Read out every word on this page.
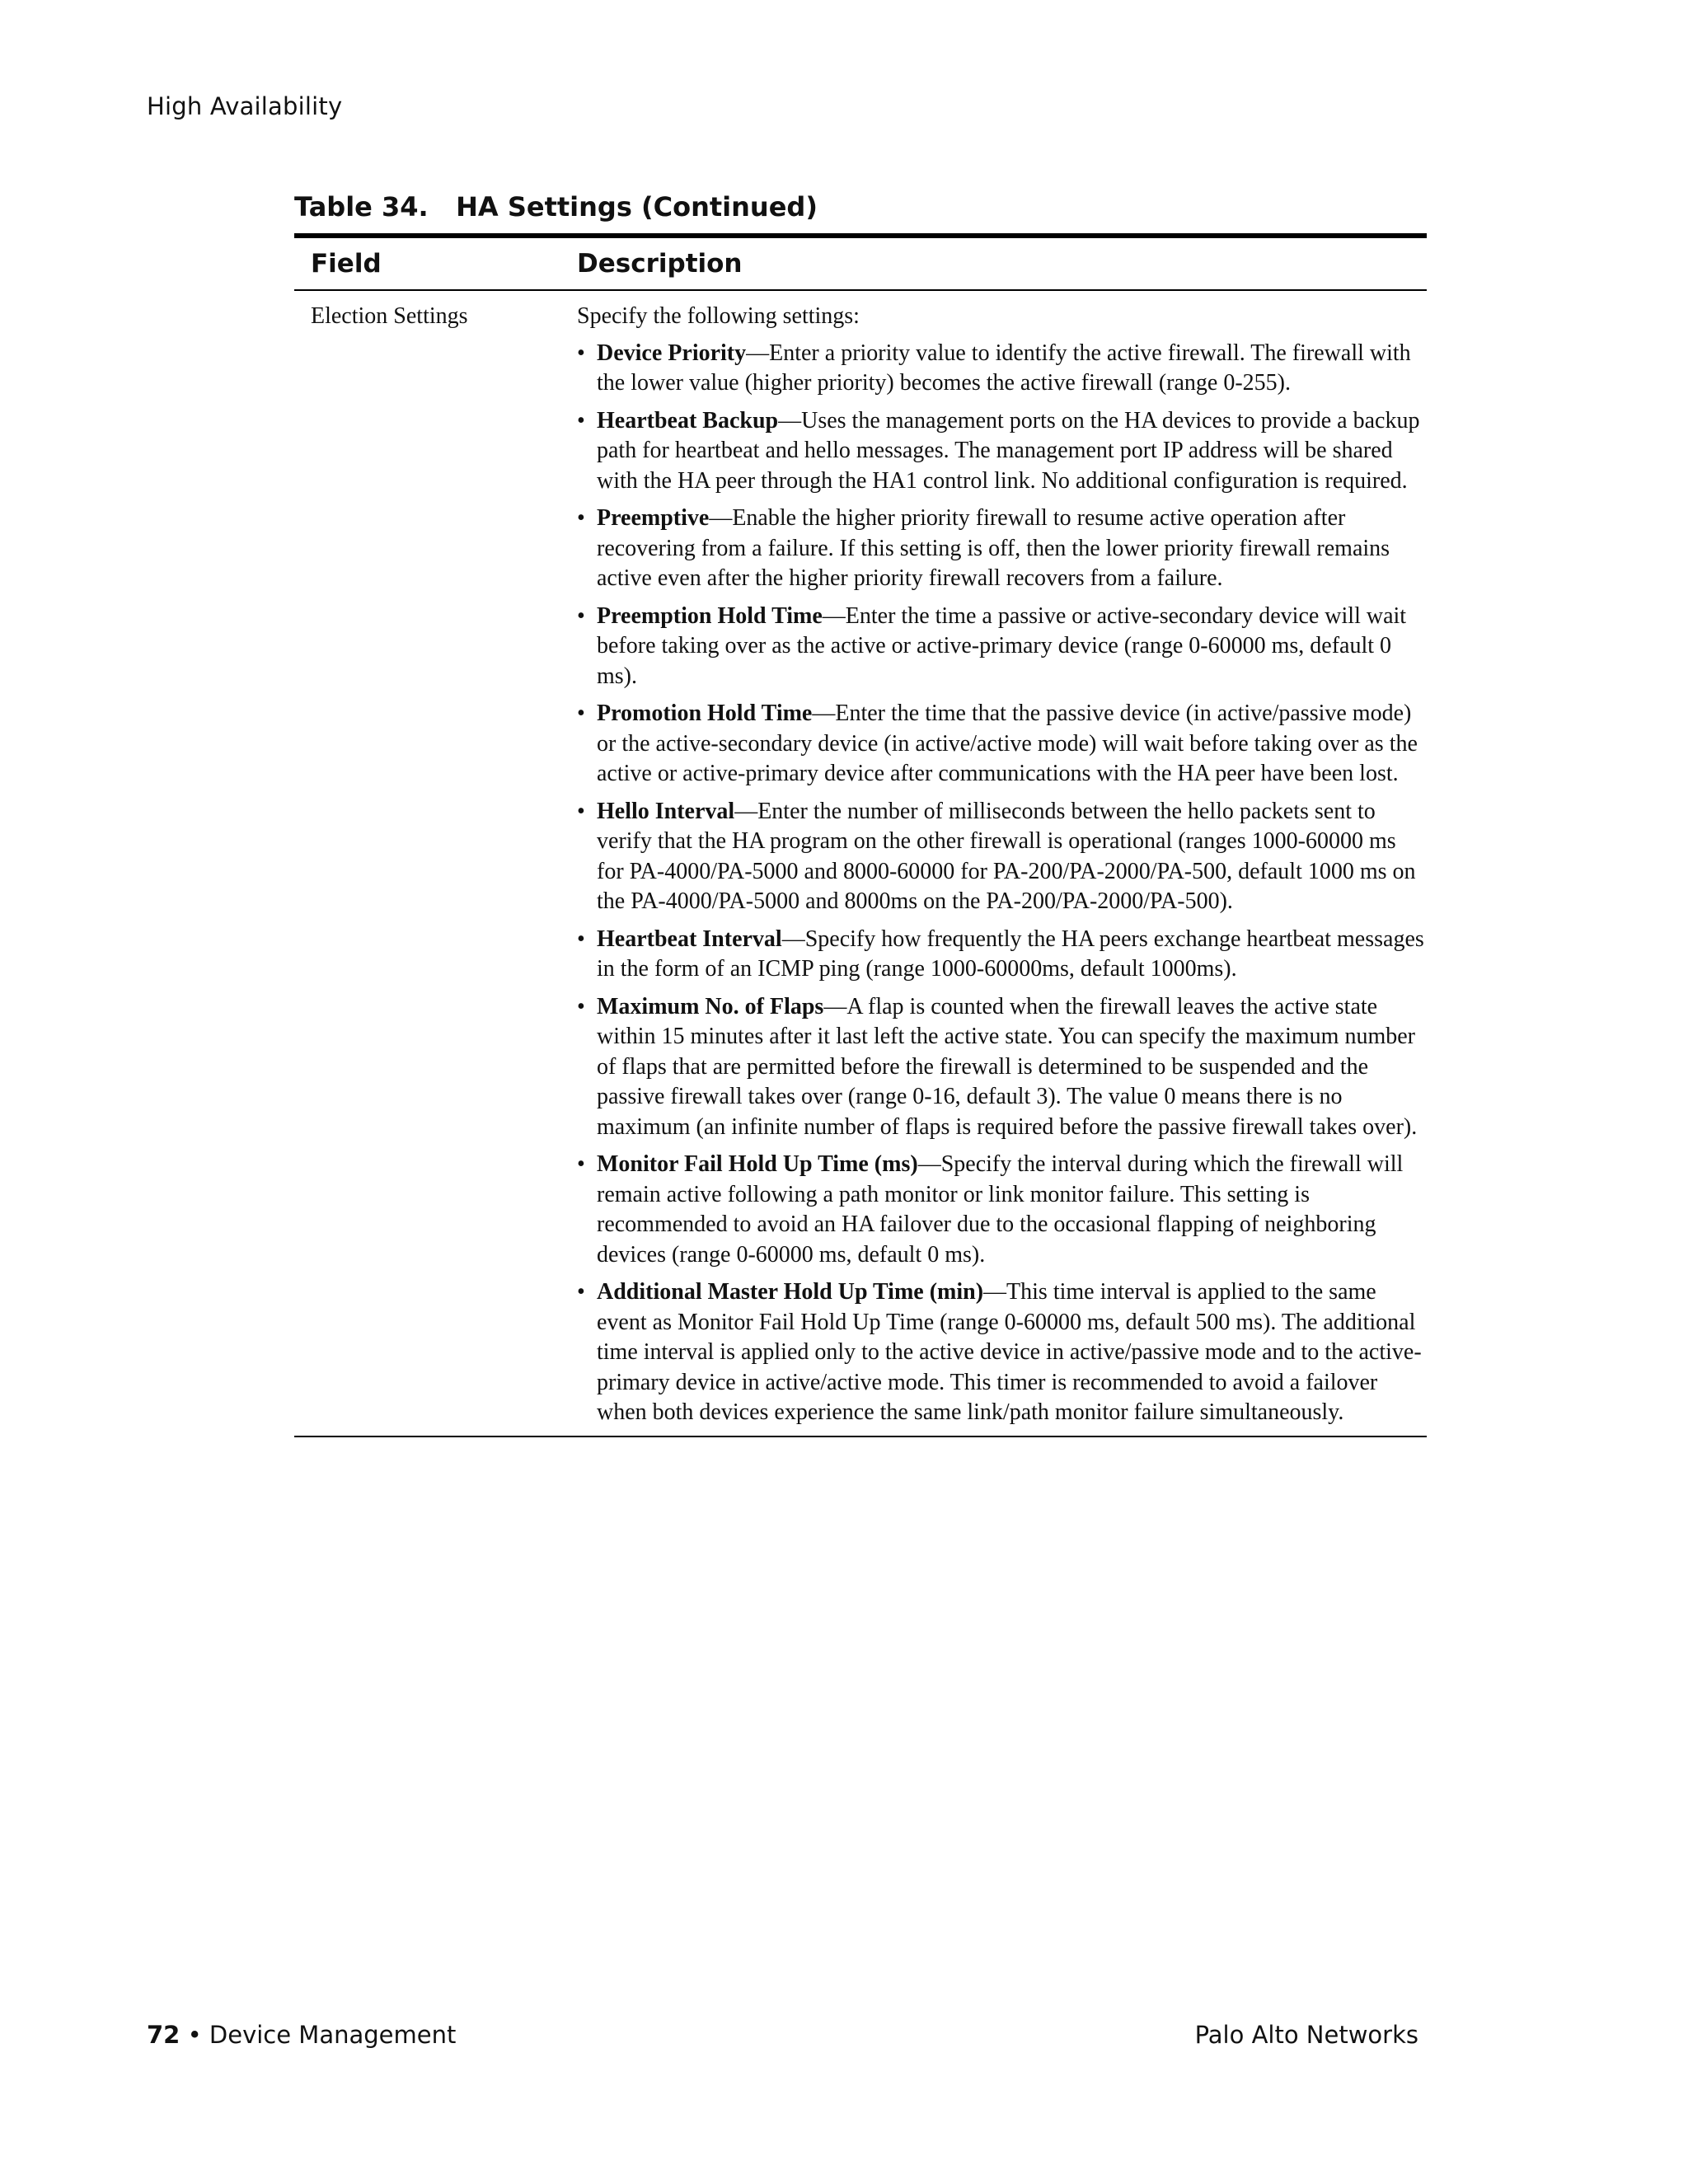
High Availability
Table 34.   HA Settings (Continued)
Field	Description
Election Settings	Specify the following settings:

• Device Priority—Enter a priority value to identify the active firewall. The firewall with the lower value (higher priority) becomes the active firewall (range 0-255).
• Heartbeat Backup—Uses the management ports on the HA devices to provide a backup path for heartbeat and hello messages. The management port IP address will be shared with the HA peer through the HA1 control link. No additional configuration is required.
• Preemptive—Enable the higher priority firewall to resume active operation after recovering from a failure. If this setting is off, then the lower priority firewall remains active even after the higher priority firewall recovers from a failure.
• Preemption Hold Time—Enter the time a passive or active-secondary device will wait before taking over as the active or active-primary device (range 0-60000 ms, default 0 ms).
• Promotion Hold Time—Enter the time that the passive device (in active/passive mode) or the active-secondary device (in active/active mode) will wait before taking over as the active or active-primary device after communications with the HA peer have been lost.
• Hello Interval—Enter the number of milliseconds between the hello packets sent to verify that the HA program on the other firewall is operational (ranges 1000-60000 ms for PA-4000/PA-5000 and 8000-60000 for PA-200/PA-2000/PA-500, default 1000 ms on the PA-4000/PA-5000 and 8000ms on the PA-200/PA-2000/PA-500).
• Heartbeat Interval—Specify how frequently the HA peers exchange heartbeat messages in the form of an ICMP ping (range 1000-60000ms, default 1000ms).
• Maximum No. of Flaps—A flap is counted when the firewall leaves the active state within 15 minutes after it last left the active state. You can specify the maximum number of flaps that are permitted before the firewall is determined to be suspended and the passive firewall takes over (range 0-16, default 3). The value 0 means there is no maximum (an infinite number of flaps is required before the passive firewall takes over).
• Monitor Fail Hold Up Time (ms)—Specify the interval during which the firewall will remain active following a path monitor or link monitor failure. This setting is recommended to avoid an HA failover due to the occasional flapping of neighboring devices (range 0-60000 ms, default 0 ms).
• Additional Master Hold Up Time (min)—This time interval is applied to the same event as Monitor Fail Hold Up Time (range 0-60000 ms, default 500 ms). The additional time interval is applied only to the active device in active/passive mode and to the active-primary device in active/active mode. This timer is recommended to avoid a failover when both devices experience the same link/path monitor failure simultaneously.
72 • Device Management	Palo Alto Networks
